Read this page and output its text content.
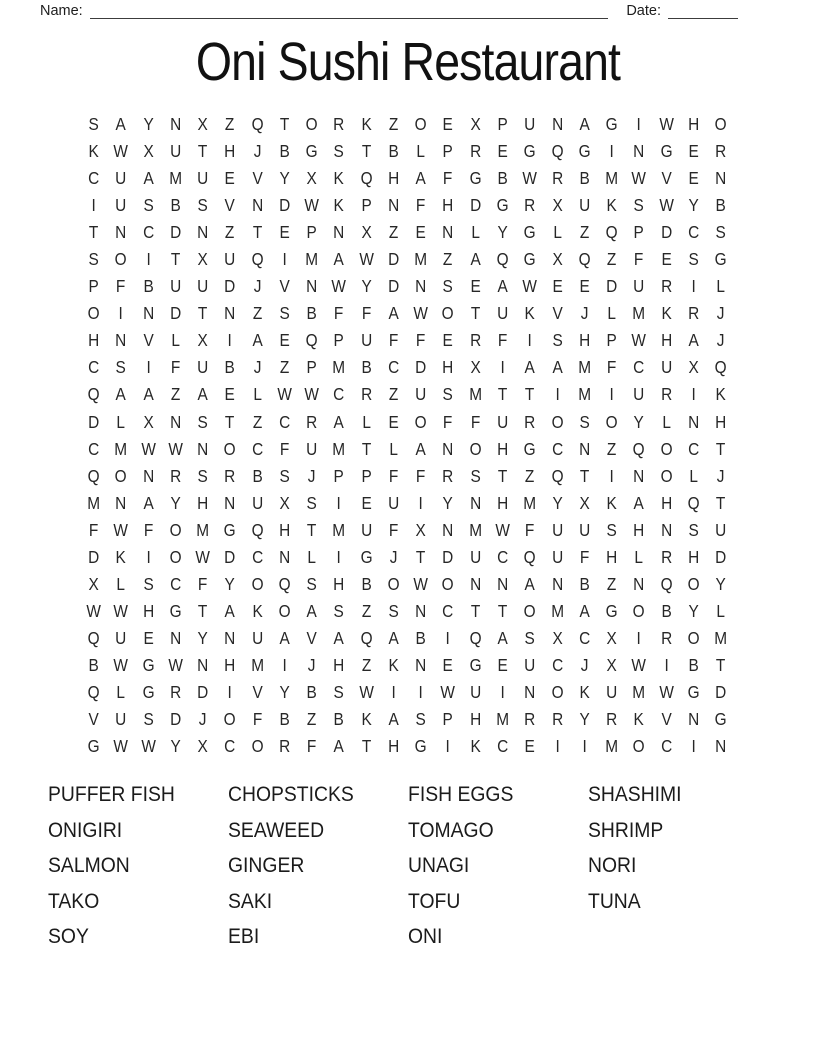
Name:	Date:
Oni Sushi Restaurant
S A Y N X Z Q T O R K Z O E X P U N A G	I	W H O
K W X U T H	J	B G S T B	L	P R E G Q G	I	N G E R
C U A M U E V Y X K Q H A F G B W R B M W V E N
I	U S B S V N D W K P N F H D G R X U K S W Y B
T N C D N Z	T E P N X Z E N L	Y G L	Z Q P D C S
S O	I	T X U Q	I	M A W D M Z A Q G X Q Z	F E S G
P F B U U D	J	V N W Y D N S E A W E E D U R	I	L
O	I	N D T N Z S B F	F A W O T U K V	J	L M K R	J
H N V	L	X	I	A E Q P U F	F E R F	I	S H P W H A	J
C S	I	F U B	J	Z P M B C D H X	I	A A M F C U X Q
Q A A Z A E	L W W C R Z U S M T	T	I	M	I	U R	I	K
D L	X N S T	Z C R A	L	E O F	F U R O S O Y	L N H
C M W W N O C F U M T	L	A N O H G C N Z Q O C T
Q O N R S R B S	J	P P F	F R S T	Z Q T	I	N O L	J
M N A Y H N U X S	I	E U	I	Y N H M Y X K A H Q T
F W F O M G Q H T M U F X N M W F U U S H N S U
D K	I	O W D C N L	I	G J	T D U C Q U F H L R H D
X	L	S C F Y O Q S H B O W O N N A N B Z N Q O Y
W W H G T A K O A S Z S N C T	T O M A G O B Y	L
Q U E N Y N U A V A Q A B	I	Q A S X C X	I	R O M
B W G W N H M	I	J	H Z K N E G E U C	J	X W	I	B T
Q L G R D	I	V Y B S W	I	I	W U	I	N O K U M W G D
V U S D	J O F B Z B K A S P H M R R Y R K V N G
G W W Y X C O R F A T H G	I	K C E	I	I	M O C	I	N
PUFFER FISH
ONIGIRI
SALMON
TAKO
SOY
CHOPSTICKS
SEAWEED
GINGER
SAKI
EBI
FISH EGGS
TOMAGO
UNAGI
TOFU
ONI
SHASHIMI
SHRIMP
NORI
TUNA
